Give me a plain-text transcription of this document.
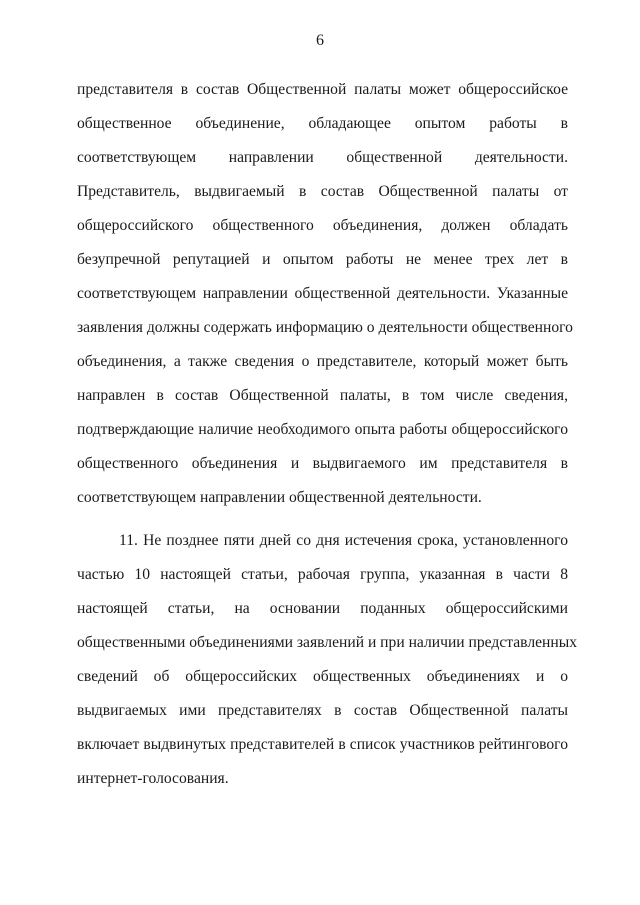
6
представителя в состав Общественной палаты может общероссийское
общественное объединение, обладающее опытом работы в
соответствующем направлении общественной деятельности.
Представитель, выдвигаемый в состав Общественной палаты от
общероссийского общественного объединения, должен обладать
безупречной репутацией и опытом работы не менее трех лет в
соответствующем направлении общественной деятельности. Указанные
заявления должны содержать информацию о деятельности общественного
объединения, а также сведения о представителе, который может быть
направлен в состав Общественной палаты, в том числе сведения,
подтверждающие наличие необходимого опыта работы общероссийского
общественного объединения и выдвигаемого им представителя в
соответствующем направлении общественной деятельности.
11. Не позднее пяти дней со дня истечения срока, установленного
частью 10 настоящей статьи, рабочая группа, указанная в части 8
настоящей статьи, на основании поданных общероссийскими
общественными объединениями заявлений и при наличии представленных
сведений об общероссийских общественных объединениях и о
выдвигаемых ими представителях в состав Общественной палаты
включает выдвинутых представителей в список участников рейтингового
интернет-голосования.
